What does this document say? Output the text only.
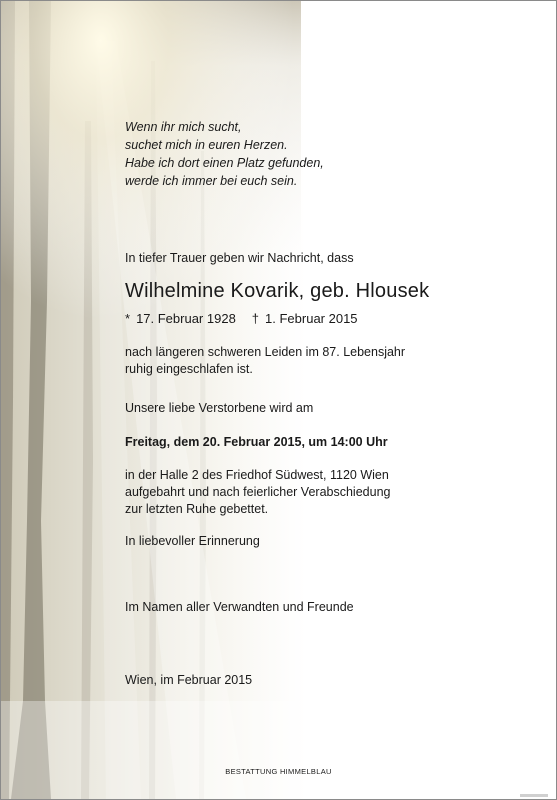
Wenn ihr mich sucht,
suchet mich in euren Herzen.
Habe ich dort einen Platz gefunden,
werde ich immer bei euch sein.
In tiefer Trauer geben wir Nachricht, dass
Wilhelmine Kovarik, geb. Hlousek
* 17. Februar 1928 † 1. Februar 2015
nach längeren schweren Leiden im 87. Lebensjahr
ruhig eingeschlafen ist.
Unsere liebe Verstorbene wird am
Freitag, dem 20. Februar 2015, um 14:00 Uhr
in der Halle 2 des Friedhof Südwest, 1120 Wien
aufgebahrt und nach feierlicher Verabschiedung
zur letzten Ruhe gebettet.
In liebevoller Erinnerung
Im Namen aller Verwandten und Freunde
Wien, im Februar 2015
BESTATTUNG HIMMELBLAU
